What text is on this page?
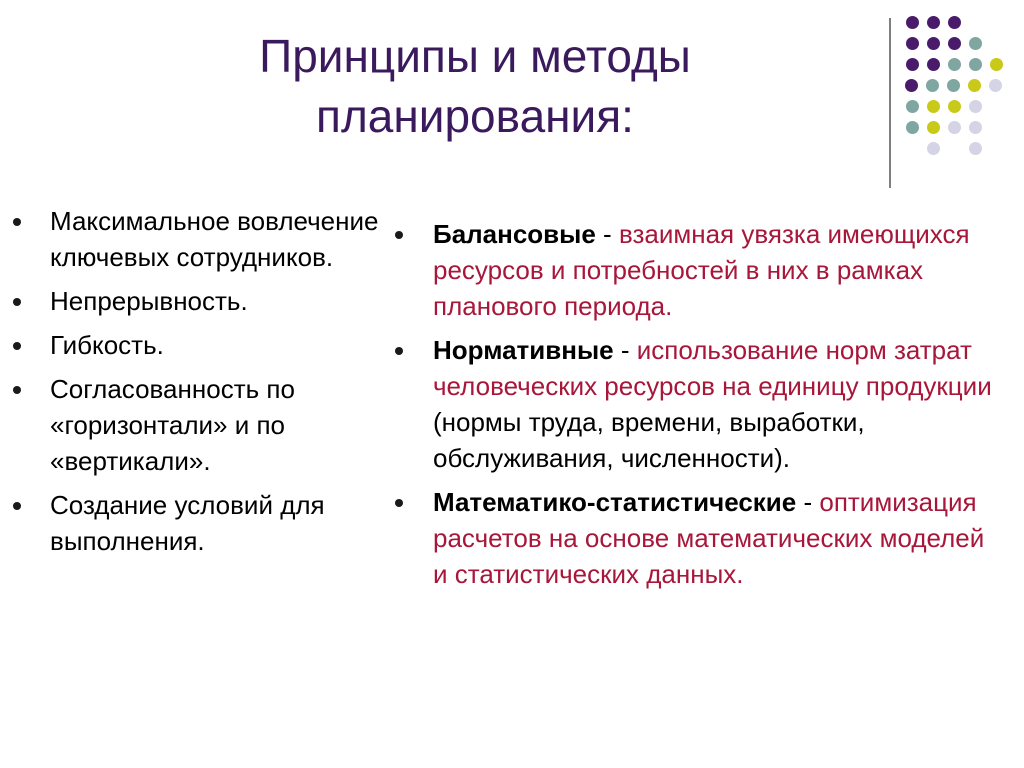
Принципы и методы
планирования:
Максимальное вовлечение ключевых сотрудников.
Непрерывность.
Гибкость.
Согласованность по «горизонтали» и по «вертикали».
Создание условий для выполнения.
Балансовые - взаимная увязка имеющихся ресурсов и потребностей в них в рамках планового периода.
Нормативные - использование норм затрат человеческих ресурсов на единицу продукции (нормы труда, времени, выработки, обслуживания, численности).
Математико-статистические - оптимизация расчетов на основе математических моделей и статистических данных.
